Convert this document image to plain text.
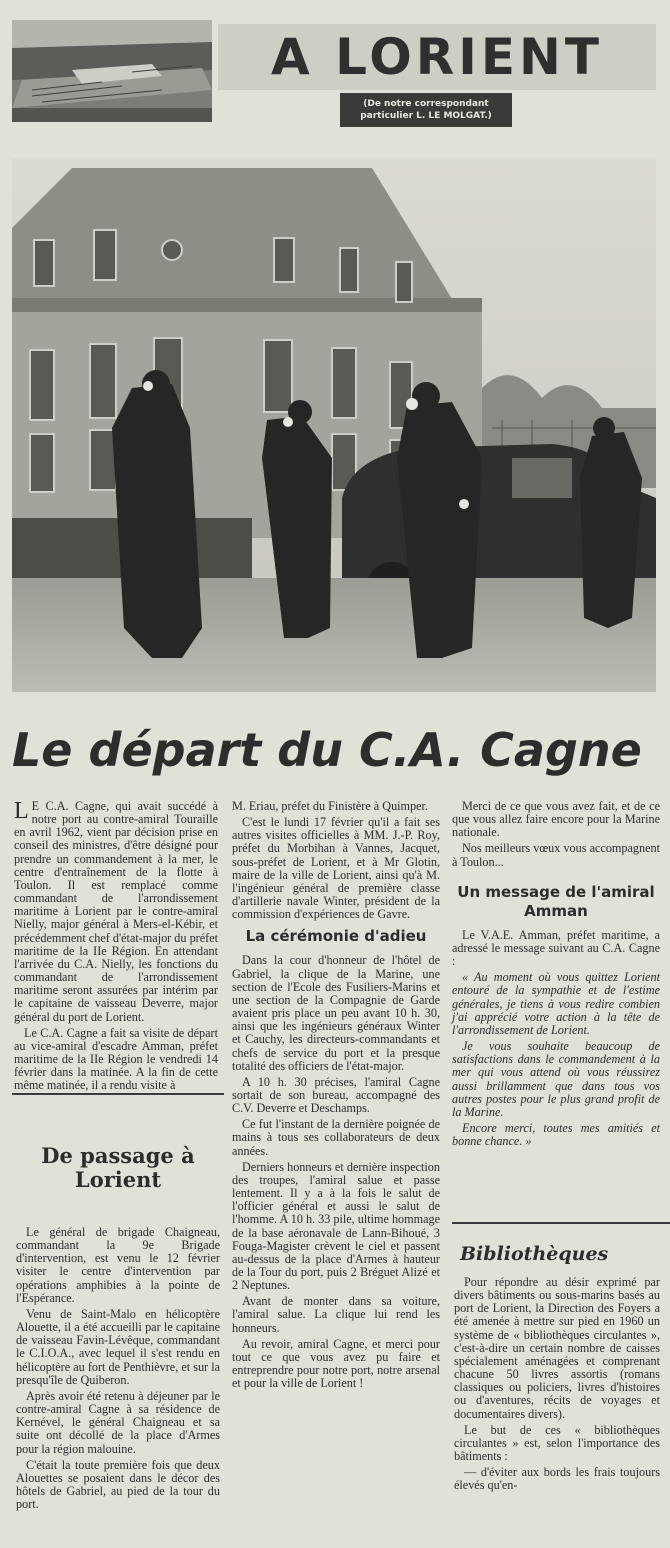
A LORIENT
(De notre correspondant particulier L. LE MOLGAT.)
Le départ du C.A. Cagne

L E C.A. Cagne, qui avait succédé à notre port au contre-amiral Touraille en avril 1962, vient par décision prise en conseil des ministres, d'être désigné pour prendre un commandement à la mer, le centre d'entraînement de la flotte à Toulon. Il est remplacé comme commandant de l'arrondissement maritime à Lorient par le contre-amiral Nielly, major général à Mers-el-Kébir, et précédemment chef d'état-major du préfet maritime de la IIe Région. En attendant l'arrivée du C.A. Nielly, les fonctions du commandant de l'arrondissement maritime seront assurées par intérim par le capitaine de vaisseau Deverre, major général du port de Lorient.

Le C.A. Cagne a fait sa visite de départ au vice-amiral d'escadre Amman, préfet maritime de la IIe Région le vendredi 14 février dans la matinée. A la fin de cette même matinée, il a rendu visite à

De passage à Lorient

Le général de brigade Chaigneau, commandant la 9e Brigade d'intervention, est venu le 12 février visiter le centre d'intervention par opérations amphibies à la pointe de l'Espérance.

Venu de Saint-Malo en hélicoptère Alouette, il a été accueilli par le capitaine de vaisseau Favin-Lévêque, commandant le C.I.O.A., avec lequel il s'est rendu en hélicoptère au fort de Penthièvre, et sur la presqu'île de Quiberon.

Après avoir été retenu à déjeuner par le contre-amiral Cagne à sa résidence de Kernével, le général Chaigneau et sa suite ont décollé de la place d'Armes pour la région malouine.

C'était la toute première fois que deux Alouettes se posaient dans le décor des hôtels de Gabriel, au pied de la tour du port.

M. Eriau, préfet du Finistère à Quimper.

C'est le lundi 17 février qu'il a fait ses autres visites officielles à MM. J.-P. Roy, préfet du Morbihan à Vannes, Jacquet, sous-préfet de Lorient, et à Mr Glotin, maire de la ville de Lorient, ainsi qu'à M. l'ingénieur général de première classe d'artillerie navale Winter, président de la commission d'expériences de Gavre.

La cérémonie d'adieu

Dans la cour d'honneur de l'hôtel de Gabriel, la clique de la Marine, une section de l'Ecole des Fusiliers-Marins et une section de la Compagnie de Garde avaient pris place un peu avant 10 h. 30, ainsi que les ingénieurs généraux Winter et Cauchy, les directeurs-commandants et chefs de service du port et la presque totalité des officiers de l'état-major.

A 10 h. 30 précises, l'amiral Cagne sortait de son bureau, accompagné des C.V. Deverre et Deschamps.

Ce fut l'instant de la dernière poignée de mains à tous ses collaborateurs de deux années.

Derniers honneurs et dernière inspection des troupes, l'amiral salue et passe lentement. Il y a à la fois le salut de l'officier général et aussi le salut de l'homme. A 10 h. 33 pile, ultime hommage de la base aéronavale de Lann-Bihoué, 3 Fouga-Magister crèvent le ciel et passent au-dessus de la place d'Armes à hauteur de la Tour du port, puis 2 Bréguet Alizé et 2 Neptunes.

Avant de monter dans sa voiture, l'amiral salue. La clique lui rend les honneurs.

Au revoir, amiral Cagne, et merci pour tout ce que vous avez pu faire et entreprendre pour notre port, notre arsenal et pour la ville de Lorient !

Merci de ce que vous avez fait, et de ce que vous allez faire encore pour la Marine nationale.

Nos meilleurs vœux vous accompagnent à Toulon...

Un message de l'amiral Amman

Le V.A.E. Amman, préfet maritime, a adressé le message suivant au C.A. Cagne :

« Au moment où vous quittez Lorient entouré de la sympathie et de l'estime générales, je tiens à vous redire combien j'ai apprécié votre action à la tête de l'arrondissement de Lorient.

Je vous souhaite beaucoup de satisfactions dans le commandement à la mer qui vous attend où vous réussirez aussi brillamment que dans tous vos autres postes pour le plus grand profit de la Marine.

Encore merci, toutes mes amitiés et bonne chance. »

Bibliothèques

Pour répondre au désir exprimé par divers bâtiments ou sous-marins basés au port de Lorient, la Direction des Foyers a été amenée à mettre sur pied en 1960 un système de « bibliothèques circulantes », c'est-à-dire un certain nombre de caisses spécialement aménagées et comprenant chacune 50 livres assortis (romans classiques ou policiers, livres d'histoires ou d'aventures, récits de voyages et documentaires divers).

Le but de ces « bibliothèques circulantes » est, selon l'importance des bâtiments :

— d'éviter aux bords les frais toujours élevés qu'en-
